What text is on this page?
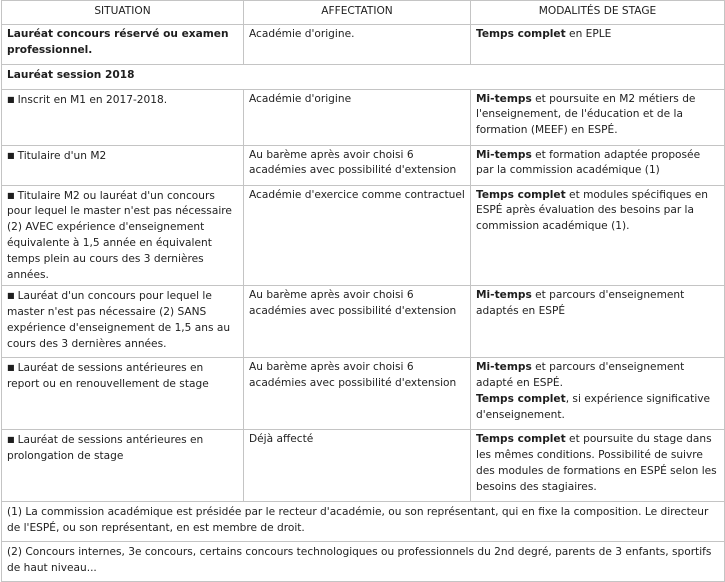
SITUATION	AFFECTATION	MODALITÉS DE STAGE
Lauréat concours réservé ou examen professionnel.	Académie d'origine.	Temps complet en EPLE
Lauréat session 2018		
■ Inscrit en M1 en 2017-2018.	Académie d'origine	Mi-temps et poursuite en M2 métiers de l'enseignement, de l'éducation et de la formation (MEEF) en ESPÉ.
■ Titulaire d'un M2	Au barème après avoir choisi 6 académies avec possibilité d'extension	Mi-temps et formation adaptée proposée par la commission académique (1)
■ Titulaire M2 ou lauréat d'un concours pour lequel le master n'est pas nécessaire (2) AVEC expérience d'enseignement équivalente à 1,5 année en équivalent temps plein au cours des 3 dernières années.	Académie d'exercice comme contractuel	Temps complet et modules spécifiques en ESPÉ après évaluation des besoins par la commission académique (1).
■ Lauréat d'un concours pour lequel le master n'est pas nécessaire (2) SANS expérience d'enseignement de 1,5 ans au cours des 3 dernières années.	Au barème après avoir choisi 6 académies avec possibilité d'extension	Mi-temps et parcours d'enseignement adaptés en ESPÉ
■ Lauréat de sessions antérieures en report ou en renouvellement de stage	Au barème après avoir choisi 6 académies avec possibilité d'extension	Mi-temps et parcours d'enseignement adapté en ESPÉ.
Temps complet, si expérience significative d'enseignement.
■ Lauréat de sessions antérieures en prolongation de stage	Déjà affecté	Temps complet et poursuite du stage dans les mêmes conditions. Possibilité de suivre des modules de formations en ESPÉ selon les besoins des stagiaires.
(1) La commission académique est présidée par le recteur d'académie, ou son représentant, qui en fixe la composition. Le directeur de l'ESPÉ, ou son représentant, en est membre de droit.		
(2) Concours internes, 3e concours, certains concours technologiques ou professionnels du 2nd degré, parents de 3 enfants, sportifs de haut niveau...		
